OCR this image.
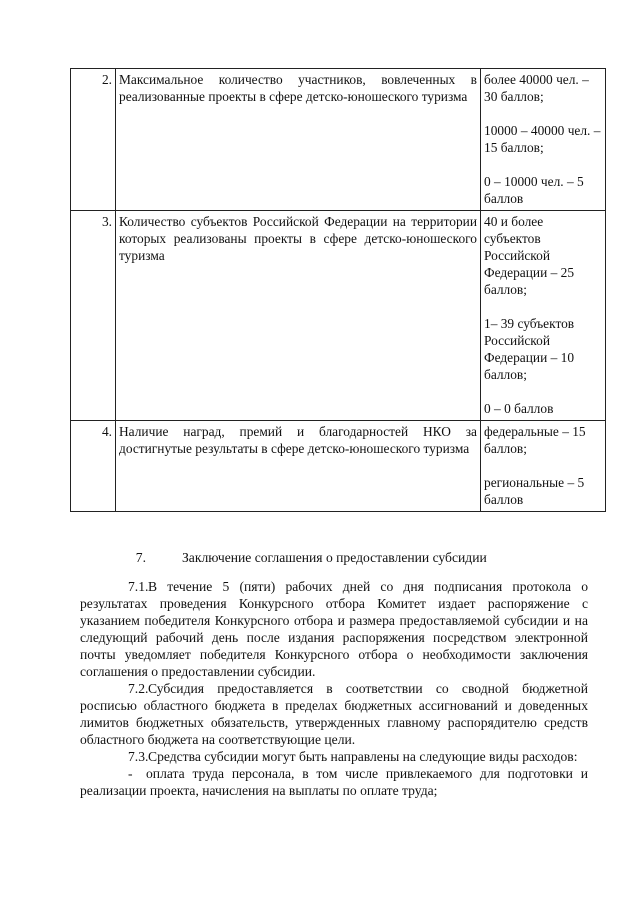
2.	Максимальное количество участников, вовлеченных в реализованные проекты в сфере детско-юношеского туризма	более 40000 чел. – 30 баллов;

10000 – 40000 чел. – 15 баллов;

0 – 10000 чел. – 5 баллов

3.	Количество субъектов Российской Федерации на территории которых реализованы проекты в сфере детско-юношеского туризма	40 и более субъектов Российской Федерации – 25 баллов;

1– 39 субъектов Российской Федерации – 10 баллов;

0 – 0 баллов

4.	Наличие наград, премий и благодарностей НКО за достигнутые результаты в сфере детско-юношеского туризма	федеральные – 15 баллов;

региональные – 5 баллов

7.	Заключение соглашения о предоставлении субсидии

7.1.В течение 5 (пяти) рабочих дней со дня подписания протокола о результатах проведения Конкурсного отбора Комитет издает распоряжение с указанием победителя Конкурсного отбора и размера предоставляемой субсидии и на следующий рабочий день после издания распоряжения посредством электронной почты уведомляет победителя Конкурсного отбора о необходимости заключения соглашения о предоставлении субсидии.

7.2.Субсидия предоставляется в соответствии со сводной бюджетной росписью областного бюджета в пределах бюджетных ассигнований и доведенных лимитов бюджетных обязательств, утвержденных главному распорядителю средств областного бюджета на соответствующие цели.

7.3.Средства субсидии могут быть направлены на следующие виды расходов:

- оплата труда персонала, в том числе привлекаемого для подготовки и реализации проекта, начисления на выплаты по оплате труда;
